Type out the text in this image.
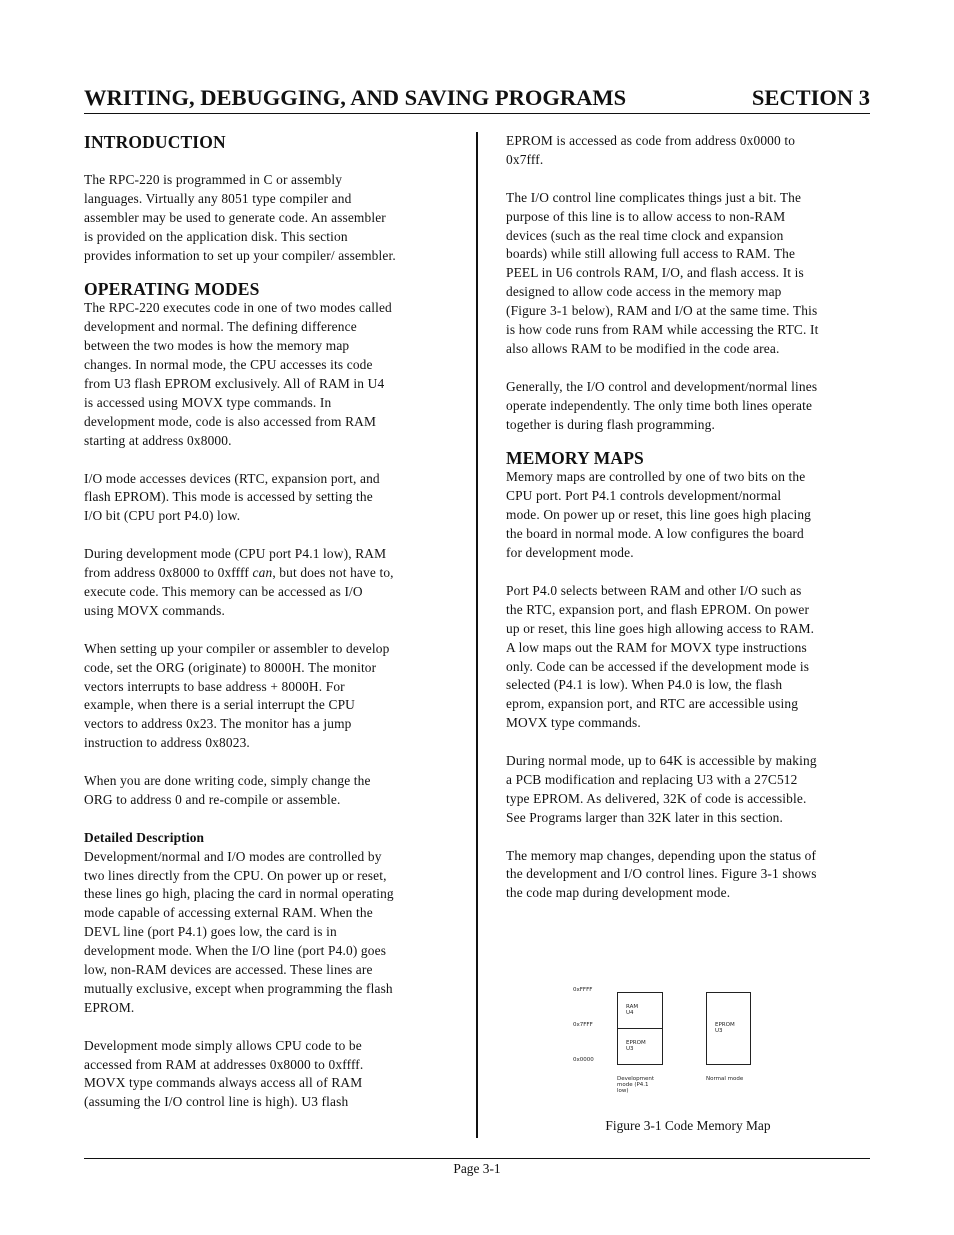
WRITING, DEBUGGING, AND SAVING PROGRAMS	SECTION 3
INTRODUCTION

The RPC-220 is programmed in C or assembly
languages. Virtually any 8051 type compiler and
assembler may be used to generate code. An assembler
is provided on the application disk. This section
provides information to set up your compiler/ assembler.

OPERATING MODES

The RPC-220 executes code in one of two modes called
development and normal. The defining difference
between the two modes is how the memory map
changes. In normal mode, the CPU accesses its code
from U3 flash EPROM exclusively. All of RAM in U4
is accessed using MOVX type commands. In
development mode, code is also accessed from RAM
starting at address 0x8000.

I/O mode accesses devices (RTC, expansion port, and
flash EPROM). This mode is accessed by setting the
I/O bit (CPU port P4.0) low.

During development mode (CPU port P4.1 low), RAM
from address 0x8000 to 0xffff can, but does not have to,
execute code. This memory can be accessed as I/O
using MOVX commands.

When setting up your compiler or assembler to develop
code, set the ORG (originate) to 8000H. The monitor
vectors interrupts to base address + 8000H. For
example, when there is a serial interrupt the CPU
vectors to address 0x23. The monitor has a jump
instruction to address 0x8023.

When you are done writing code, simply change the
ORG to address 0 and re-compile or assemble.

Detailed Description

Development/normal and I/O modes are controlled by
two lines directly from the CPU. On power up or reset,
these lines go high, placing the card in normal operating
mode capable of accessing external RAM. When the
DEVL line (port P4.1) goes low, the card is in
development mode. When the I/O line (port P4.0) goes
low, non-RAM devices are accessed. These lines are
mutually exclusive, except when programming the flash
EPROM.

Development mode simply allows CPU code to be
accessed from RAM at addresses 0x8000 to 0xffff.
MOVX type commands always access all of RAM
(assuming the I/O control line is high). U3 flash

EPROM is accessed as code from address 0x0000 to
0x7fff.

The I/O control line complicates things just a bit. The
purpose of this line is to allow access to non-RAM
devices (such as the real time clock and expansion
boards) while still allowing full access to RAM. The
PEEL in U6 controls RAM, I/O, and flash access. It is
designed to allow code access in the memory map
(Figure 3-1 below), RAM and I/O at the same time. This
is how code runs from RAM while accessing the RTC. It
also allows RAM to be modified in the code area.

Generally, the I/O control and development/normal lines
operate independently. The only time both lines operate
together is during flash programming.

MEMORY MAPS

Memory maps are controlled by one of two bits on the
CPU port. Port P4.1 controls development/normal
mode. On power up or reset, this line goes high placing
the board in normal mode. A low configures the board
for development mode.

Port P4.0 selects between RAM and other I/O such as
the RTC, expansion port, and flash EPROM. On power
up or reset, this line goes high allowing access to RAM.
A low maps out the RAM for MOVX type instructions
only. Code can be accessed if the development mode is
selected (P4.1 is low). When P4.0 is low, the flash
eprom, expansion port, and RTC are accessible using
MOVX type commands.

During normal mode, up to 64K is accessible by making
a PCB modification and replacing U3 with a 27C512
type EPROM. As delivered, 32K of code is accessible.
See Programs larger than 32K later in this section.

The memory map changes, depending upon the status of
the development and I/O control lines. Figure 3-1 shows
the code map during development mode.

0xFFFF
0x7FFF
0x0000
RAM
U4
EPROM
U3
EPROM
U3
Development
mode (P4.1
low)
Normal mode
Figure 3-1 Code Memory Map
Page 3-1
